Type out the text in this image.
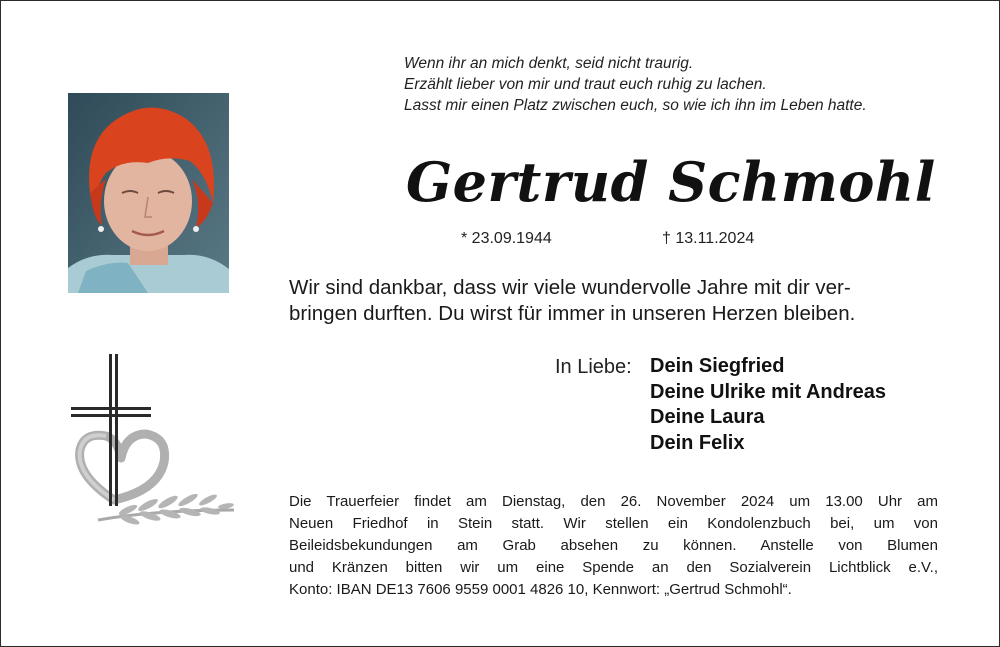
Wenn ihr an mich denkt, seid nicht traurig.
Erzählt lieber von mir und traut euch ruhig zu lachen.
Lasst mir einen Platz zwischen euch, so wie ich ihn im Leben hatte.
Gertrud Schmohl
* 23.09.1944	† 13.11.2024
Wir sind dankbar, dass wir viele wundervolle Jahre mit dir ver-
bringen durften. Du wirst für immer in unseren Herzen bleiben.
In Liebe: Dein Siegfried
Deine Ulrike mit Andreas
Deine Laura
Dein Felix
Die Trauerfeier findet am Dienstag, den 26. November 2024 um 13.00 Uhr am
Neuen Friedhof in Stein statt. Wir stellen ein Kondolenzbuch bei, um von
Beileidsbekundungen am Grab absehen zu können. Anstelle von Blumen
und Kränzen bitten wir um eine Spende an den Sozialverein Lichtblick e.V.,
Konto: IBAN DE13 7606 9559 0001 4826 10, Kennwort: „Gertrud Schmohl“.
